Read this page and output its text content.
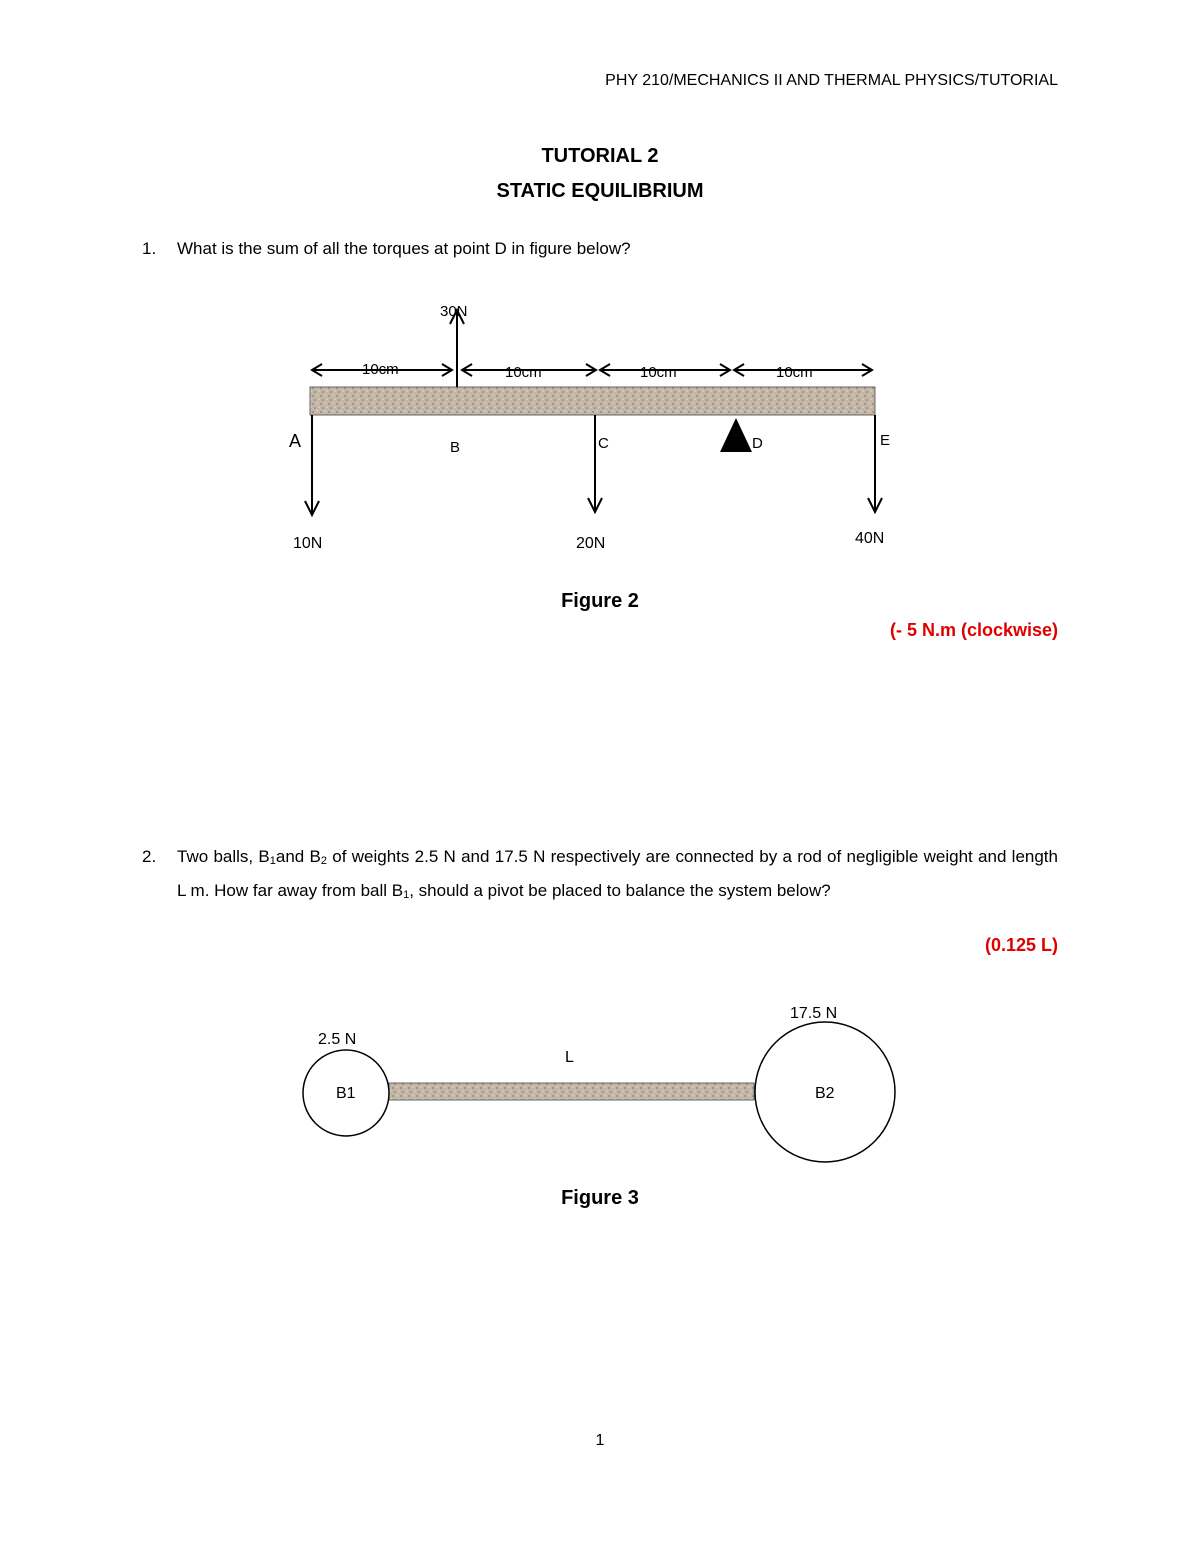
PHY 210/MECHANICS II AND THERMAL PHYSICS/TUTORIAL
TUTORIAL 2
STATIC EQUILIBRIUM
1. What is the sum of all the torques at point D in figure below?
30N
10cm	10cm	10cm	10cm
A	B	C	D	E
10N	20N	40N
Figure 2
(- 5 N.m (clockwise)
2. Two balls, B1and B2 of weights 2.5 N and 17.5 N respectively are connected by a rod of negligible weight and length L m. How far away from ball B1, should a pivot be placed to balance the system below?
(0.125 L)
2.5 N
B1
L
17.5 N
B2
Figure 3
1
